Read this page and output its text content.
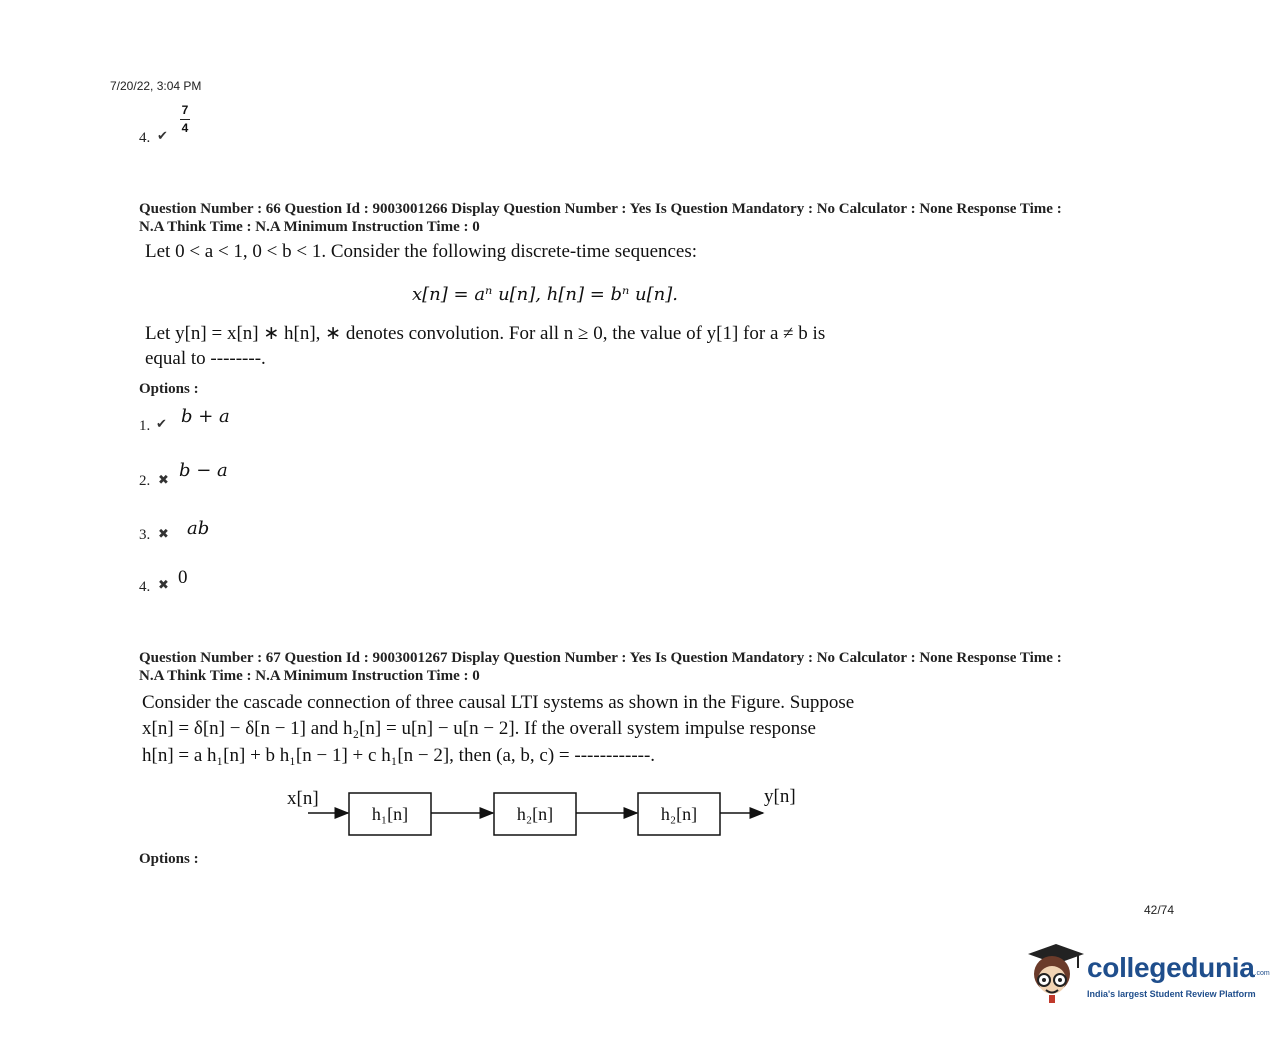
7/20/22, 3:04 PM
4. ✔
7
4
Question Number : 66 Question Id : 9003001266 Display Question Number : Yes Is Question Mandatory : No Calculator : None Response Time :
N.A Think Time : N.A Minimum Instruction Time : 0
Let 0 < a < 1, 0 < b < 1. Consider the following discrete-time sequences:
x[n] = aⁿ u[n], h[n] = bⁿ u[n].
Let y[n] = x[n] ∗ h[n], ∗ denotes convolution. For all n ≥ 0, the value of y[1] for a ≠ b is
equal to --------.
Options :
1. ✔ b + a
2. ✖ b − a
3. ✖ ab
4. ✖ 0
Question Number : 67 Question Id : 9003001267 Display Question Number : Yes Is Question Mandatory : No Calculator : None Response Time :
N.A Think Time : N.A Minimum Instruction Time : 0
Consider the cascade connection of three causal LTI systems as shown in the Figure. Suppose
x[n] = δ[n] − δ[n − 1] and h₂[n] = u[n] − u[n − 2]. If the overall system impulse response
h[n] = a h₁[n] + b h₁[n − 1] + c h₁[n − 2], then (a, b, c) = ------------.
x[n]
h₁[n]	h₂[n]	h₂[n]
y[n]
Options :
42/74
collegedunia.com
India's largest Student Review Platform
